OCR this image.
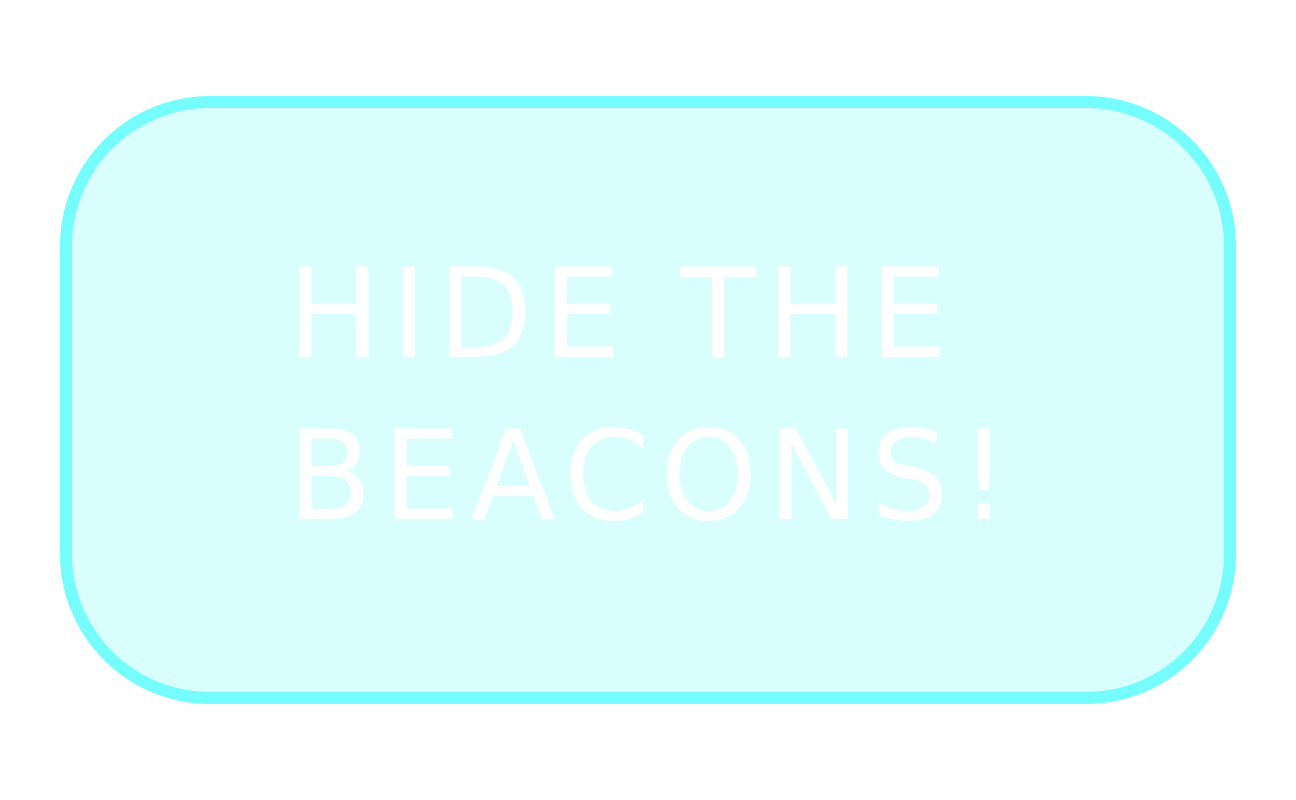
HIDE THE
BEACONS!
